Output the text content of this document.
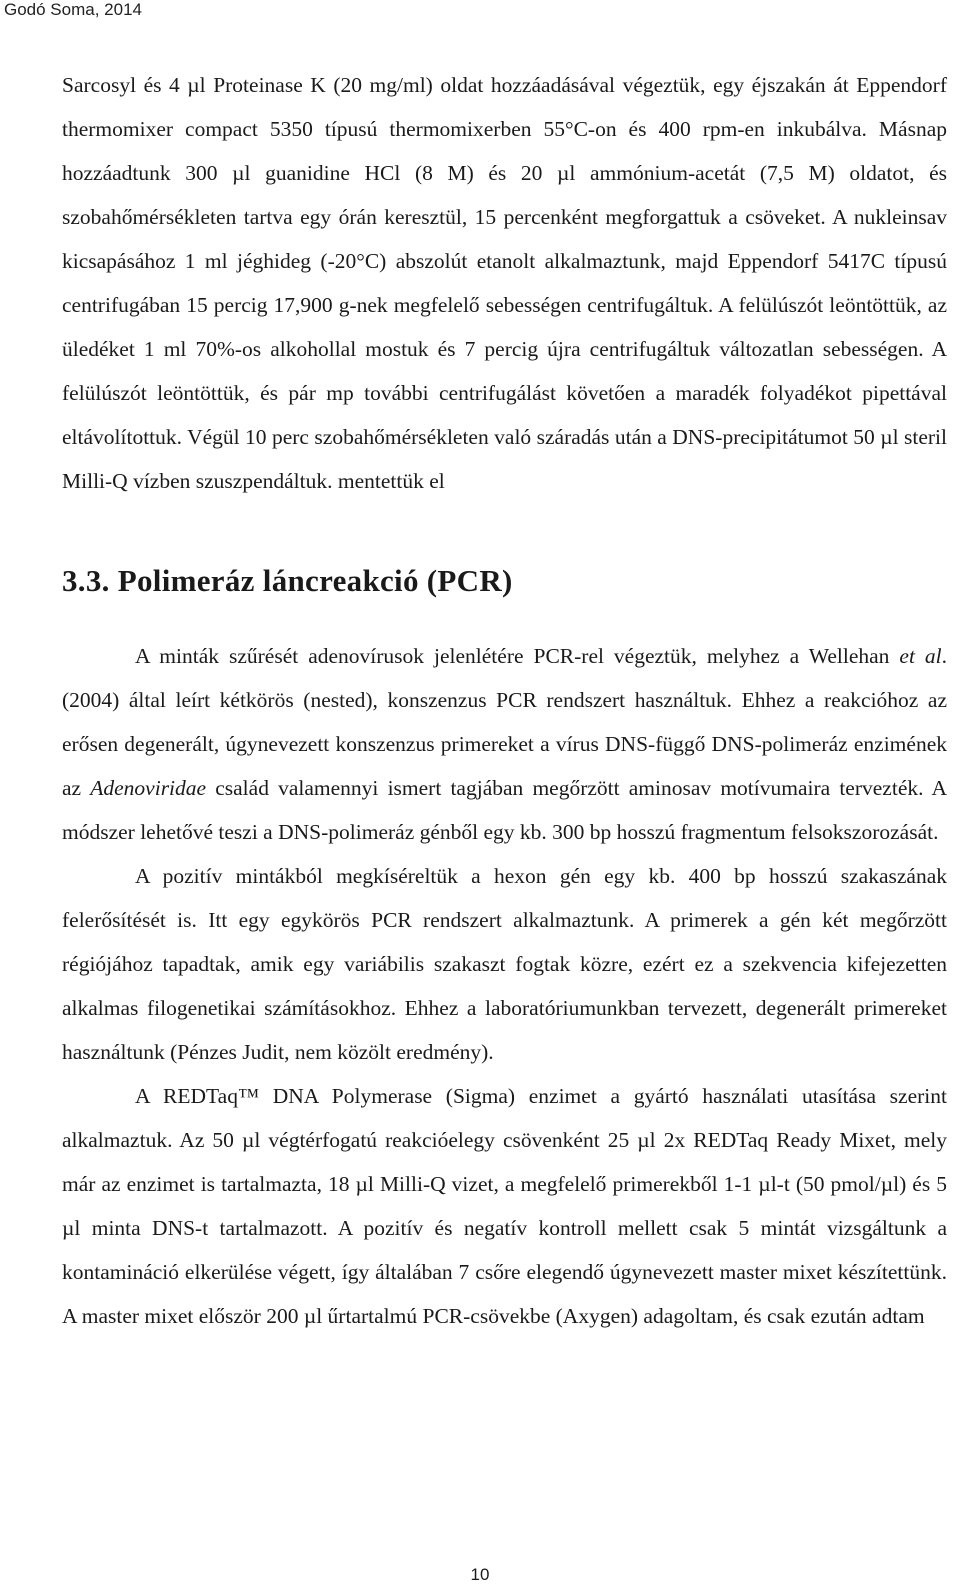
Godó Soma, 2014

Sarcosyl és 4 µl Proteinase K (20 mg/ml) oldat hozzáadásával végeztük, egy éjszakán át Eppendorf thermomixer compact 5350 típusú thermomixerben 55°C-on és 400 rpm-en inkubálva. Másnap hozzáadtunk 300 µl guanidine HCl (8 M) és 20 µl ammónium-acetát (7,5 M) oldatot, és szobahőmérsékleten tartva egy órán keresztül, 15 percenként megforgattuk a csöveket. A nukleinsav kicsapásához 1 ml jéghideg (-20°C) abszolút etanolt alkalmaztunk, majd Eppendorf 5417C típusú centrifugában 15 percig 17,900 g-nek megfelelő sebességen centrifugáltuk. A felülúszót leöntöttük, az üledéket 1 ml 70%-os alkohollal mostuk és 7 percig újra centrifugáltuk változatlan sebességen. A felülúszót leöntöttük, és pár mp további centrifugálást követően a maradék folyadékot pipettával eltávolítottuk. Végül 10 perc szobahőmérsékleten való száradás után a DNS-precipitátumot 50 µl steril Milli-Q vízben szuszpendáltuk. mentettük el

3.3. Polimeráz láncreakció (PCR)

A minták szűrését adenovírusok jelenlétére PCR-rel végeztük, melyhez a Wellehan et al. (2004) által leírt kétkörös (nested), konszenzus PCR rendszert használtuk. Ehhez a reakcióhoz az erősen degenerált, úgynevezett konszenzus primereket a vírus DNS-függő DNS-polimeráz enzimének az Adenoviridae család valamennyi ismert tagjában megőrzött aminosav motívumaira tervezték. A módszer lehetővé teszi a DNS-polimeráz génből egy kb. 300 bp hosszú fragmentum felsokszorozását.

A pozitív mintákból megkíséreltük a hexon gén egy kb. 400 bp hosszú szakaszának felerősítését is. Itt egy egykörös PCR rendszert alkalmaztunk. A primerek a gén két megőrzött régiójához tapadtak, amik egy variábilis szakaszt fogtak közre, ezért ez a szekvencia kifejezetten alkalmas filogenetikai számításokhoz. Ehhez a laboratóriumunkban tervezett, degenerált primereket használtunk (Pénzes Judit, nem közölt eredmény).

A REDTaq™ DNA Polymerase (Sigma) enzimet a gyártó használati utasítása szerint alkalmaztuk. Az 50 µl végtérfogatú reakcióelegy csövenként 25 µl 2x REDTaq Ready Mixet, mely már az enzimet is tartalmazta, 18 µl Milli-Q vizet, a megfelelő primerekből 1-1 µl-t (50 pmol/µl) és 5 µl minta DNS-t tartalmazott. A pozitív és negatív kontroll mellett csak 5 mintát vizsgáltunk a kontamináció elkerülése végett, így általában 7 csőre elegendő úgynevezett master mixet készítettünk. A master mixet először 200 µl űrtartalmú PCR-csövekbe (Axygen) adagoltam, és csak ezután adtam

10
